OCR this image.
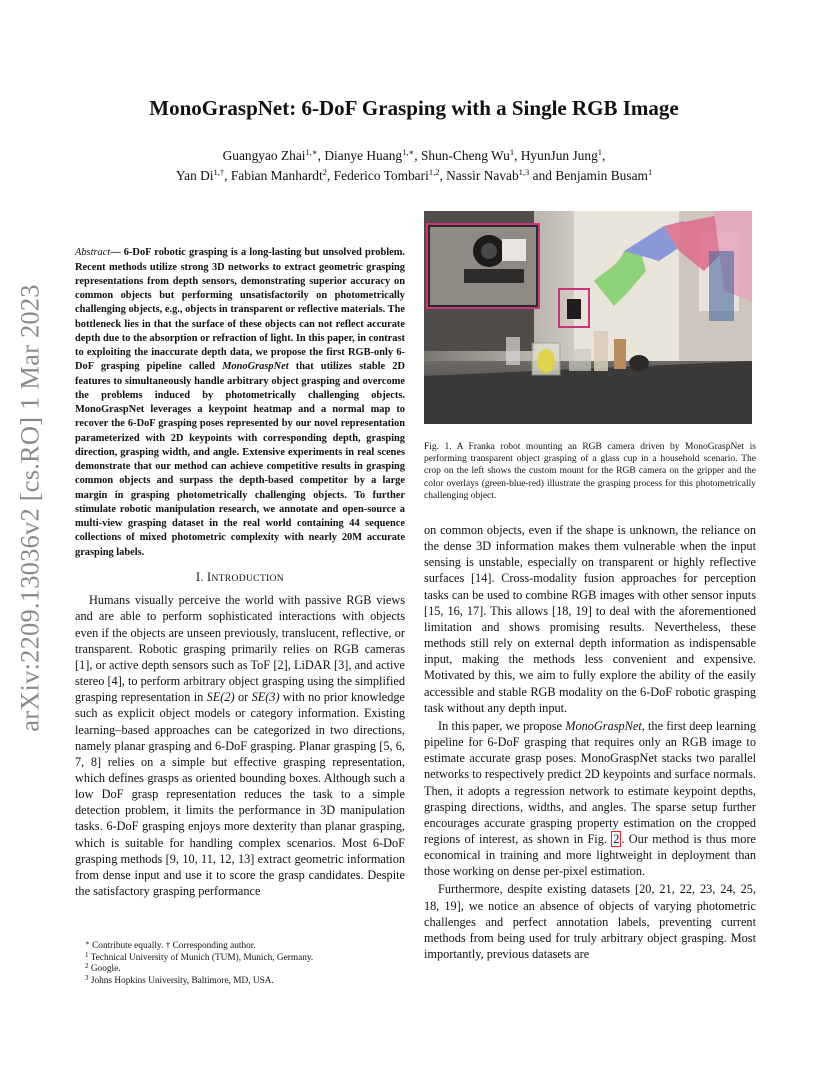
arXiv:2209.13036v2 [cs.RO] 1 Mar 2023
MonoGraspNet: 6-DoF Grasping with a Single RGB Image
Guangyao Zhai$^{1,∗}$, Dianye Huang$^{1,∗}$, Shun-Cheng Wu$^1$, HyunJun Jung$^1$,
Yan $Di^{1,\dagger}$, Fabian Manhardt$^2$, Federico Tombari$^{1,2}$, Nassir Navab$^{1,3}$ and Benjamin Busam$^1$

Abstract— 6-DoF robotic grasping is a long-lasting but unsolved problem. Recent methods utilize strong 3D networks to extract geometric grasping representations from depth sensors, demonstrating superior accuracy on common objects but performing unsatisfactorily on photometrically challenging objects, e.g., objects in transparent or reflective materials. The bottleneck lies in that the surface of these objects can not reflect accurate depth due to the absorption or refraction of light. In this paper, in contrast to exploiting the inaccurate depth data, we propose the first RGB-only 6-DoF grasping pipeline called MonoGraspNet that utilizes stable 2D features to simultaneously handle arbitrary object grasping and overcome the problems induced by photometrically challenging objects. MonoGraspNet leverages a keypoint heatmap and a normal map to recover the 6-DoF grasping poses represented by our novel representation parameterized with 2D keypoints with corresponding depth, grasping direction, grasping width, and angle. Extensive experiments in real scenes demonstrate that our method can achieve competitive results in grasping common objects and surpass the depth-based competitor by a large margin in grasping photometrically challenging objects. To further stimulate robotic manipulation research, we annotate and open-source a multi-view grasping dataset in the real world containing 44 sequence collections of mixed photometric complexity with nearly 20M accurate grasping labels.

I. INTRODUCTION

Humans visually perceive the world with passive RGB views and are able to perform sophisticated interactions with objects even if the objects are unseen previously, translucent, reflective, or transparent. Robotic grasping primarily relies on RGB cameras [1], or active depth sensors such as ToF [2], LiDAR [3], and active stereo [4], to perform arbitrary object grasping using the simplified grasping representation in SE(2) or SE(3) with no prior knowledge such as explicit object models or category information. Existing learning–based approaches can be categorized in two directions, namely planar grasping and 6-DoF grasping. Planar grasping [5, 6, 7, 8] relies on a simple but effective grasping representation, which defines grasps as oriented bounding boxes. Although such a low DoF grasp representation reduces the task to a simple detection problem, it limits the performance in 3D manipulation tasks. 6-DoF grasping enjoys more dexterity than planar grasping, which is suitable for handling complex scenarios. Most 6-DoF grasping methods [9, 10, 11, 12, 13] extract geometric information from dense input and use it to score the grasp candidates. Despite the satisfactory grasping performance

∗ Contribute equally. † Corresponding author.
$^1$ Technical University of Munich (TUM), Munich, Germany.
$^2$ Google.
$^3$ Johns Hopkins University, Baltimore, MD, USA.
Fig. 1. A Franka robot mounting an RGB camera driven by MonoGraspNet is performing transparent object grasping of a glass cup in a household scenario. The crop on the left shows the custom mount for the RGB camera on the gripper and the color overlays (green-blue-red) illustrate the grasping process for this photometrically challenging object.

on common objects, even if the shape is unknown, the reliance on the dense 3D information makes them vulnerable when the input sensing is unstable, especially on transparent or highly reflective surfaces [14]. Cross-modality fusion approaches for perception tasks can be used to combine RGB images with other sensor inputs [15, 16, 17]. This allows [18, 19] to deal with the aforementioned limitation and shows promising results. Nevertheless, these methods still rely on external depth information as indispensable input, making the methods less convenient and expensive. Motivated by this, we aim to fully explore the ability of the easily accessible and stable RGB modality on the 6-DoF robotic grasping task without any depth input.

In this paper, we propose MonoGraspNet, the first deep learning pipeline for 6-DoF grasping that requires only an RGB image to estimate accurate grasp poses. MonoGraspNet stacks two parallel networks to respectively predict 2D keypoints and surface normals. Then, it adopts a regression network to estimate keypoint depths, grasping directions, widths, and angles. The sparse setup further encourages accurate grasping property estimation on the cropped regions of interest, as shown in Fig. 2 . Our method is thus more economical in training and more lightweight in deployment than those working on dense per-pixel estimation.

Furthermore, despite existing datasets [20, 21, 22, 23, 24, 25, 18, 19], we notice an absence of objects of varying photometric challenges and perfect annotation labels, preventing current methods from being used for truly arbitrary object grasping. Most importantly, previous datasets are
